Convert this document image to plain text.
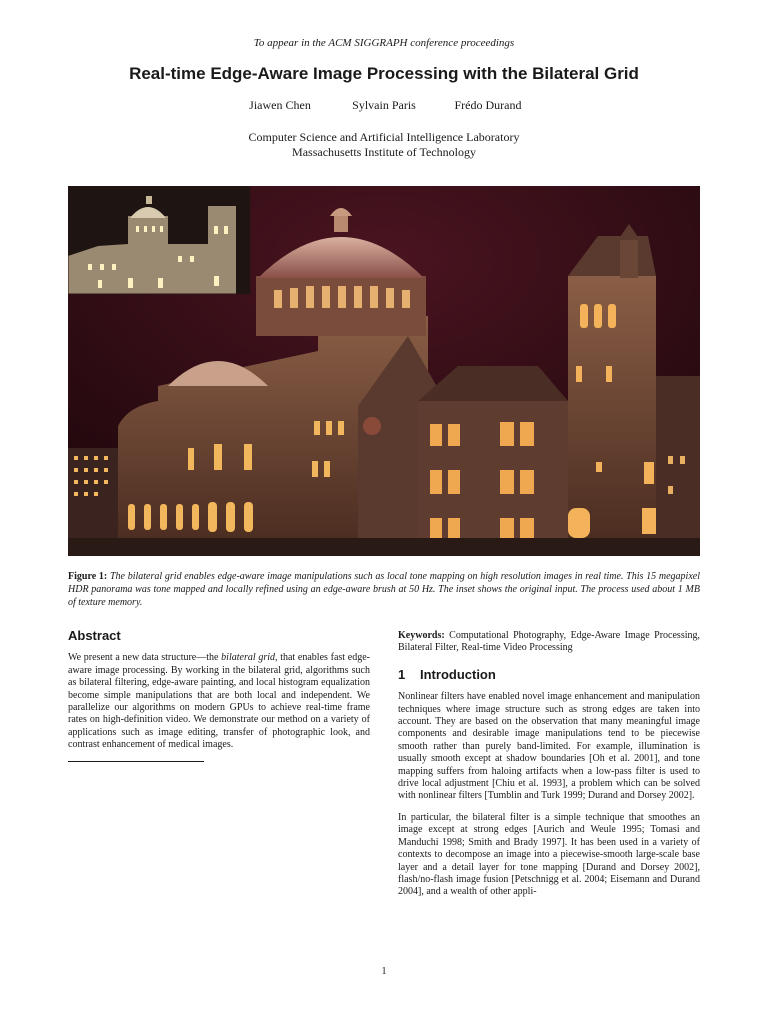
To appear in the ACM SIGGRAPH conference proceedings
Real-time Edge-Aware Image Processing with the Bilateral Grid
Jiawen Chen	Sylvain Paris	Frédo Durand
Computer Science and Artificial Intelligence Laboratory
Massachusetts Institute of Technology
Figure 1: The bilateral grid enables edge-aware image manipulations such as local tone mapping on high resolution images in real time. This 15 megapixel HDR panorama was tone mapped and locally refined using an edge-aware brush at 50 Hz. The inset shows the original input. The process used about 1 MB of texture memory.
Abstract

We present a new data structure—the bilateral grid, that enables fast edge-aware image processing. By working in the bilateral grid, algorithms such as bilateral filtering, edge-aware painting, and local histogram equalization become simple manipulations that are both local and independent. We parallelize our algorithms on modern GPUs to achieve real-time frame rates on high-definition video. We demonstrate our method on a variety of applications such as image editing, transfer of photographic look, and contrast enhancement of medical images.

Keywords: Computational Photography, Edge-Aware Image Processing, Bilateral Filter, Real-time Video Processing

1 Introduction

Nonlinear filters have enabled novel image enhancement and manipulation techniques where image structure such as strong edges are taken into account. They are based on the observation that many meaningful image components and desirable image manipulations tend to be piecewise smooth rather than purely band-limited. For example, illumination is usually smooth except at shadow boundaries [Oh et al. 2001], and tone mapping suffers from haloing artifacts when a low-pass filter is used to drive local adjustment [Chiu et al. 1993], a problem which can be solved with nonlinear filters [Tumblin and Turk 1999; Durand and Dorsey 2002].

In particular, the bilateral filter is a simple technique that smoothes an image except at strong edges [Aurich and Weule 1995; Tomasi and Manduchi 1998; Smith and Brady 1997]. It has been used in a variety of contexts to decompose an image into a piecewise-smooth large-scale base layer and a detail layer for tone mapping [Durand and Dorsey 2002], flash/no-flash image fusion [Petschnigg et al. 2004; Eisemann and Durand 2004], and a wealth of other appli-

1
